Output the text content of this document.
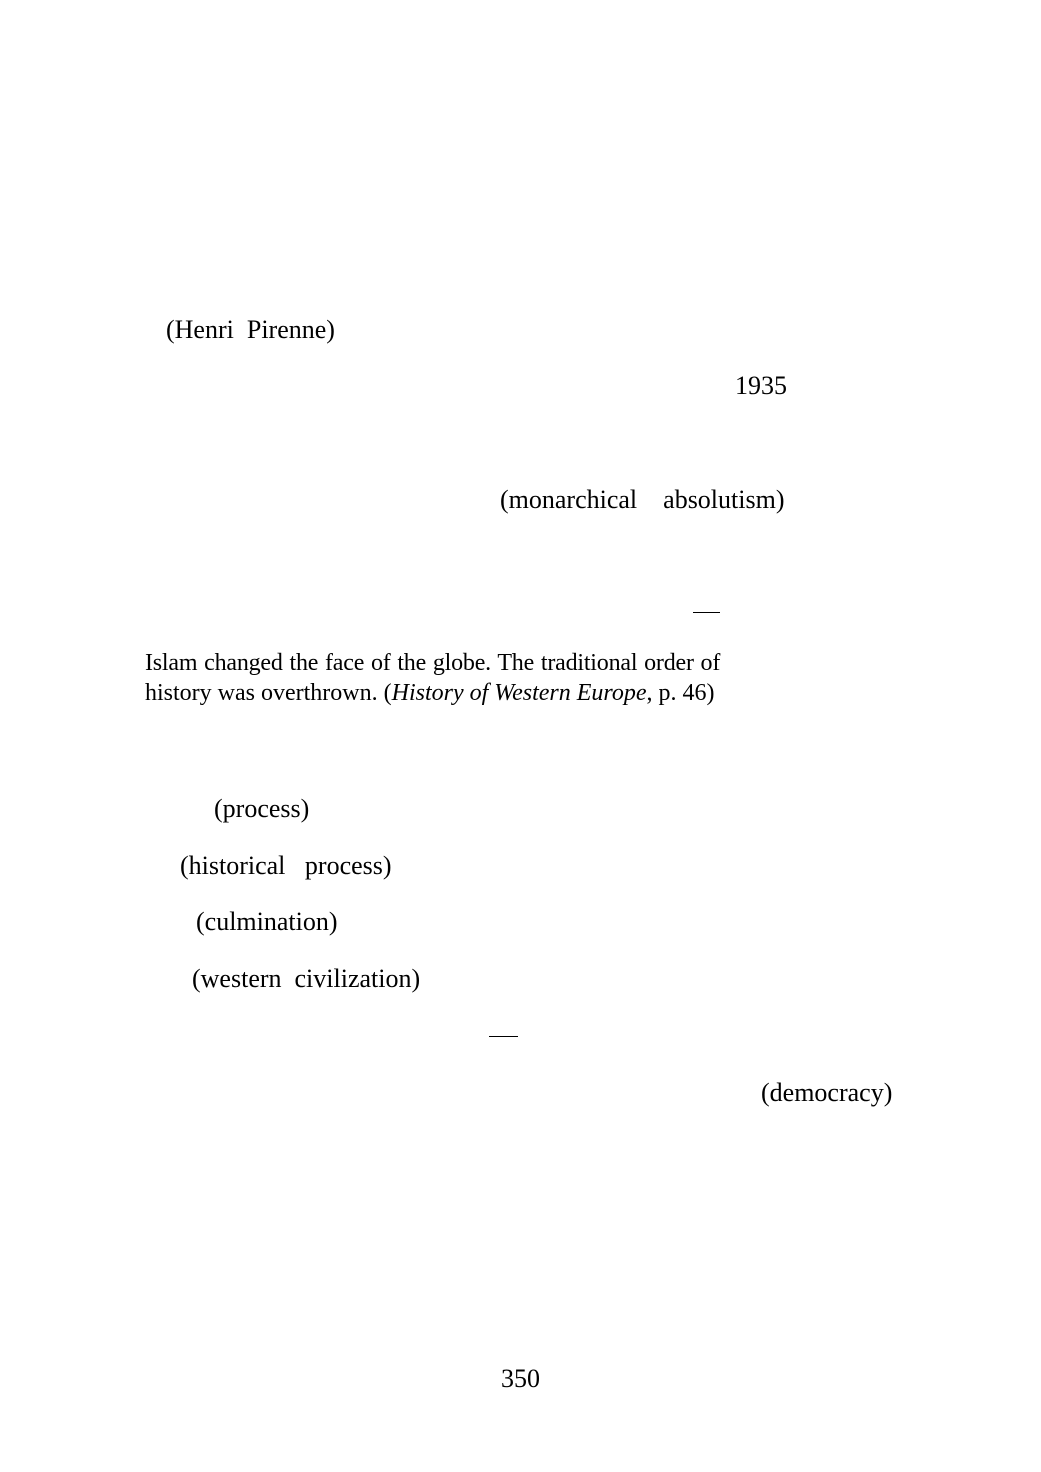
(Henri  Pirenne)
1935
(monarchical    absolutism)
Islam changed the face of the globe. The traditional order of
history was overthrown. (History of Western Europe, p. 46)
(process)
(historical   process)
(culmination)
(western  civilization)
(democracy)
350
